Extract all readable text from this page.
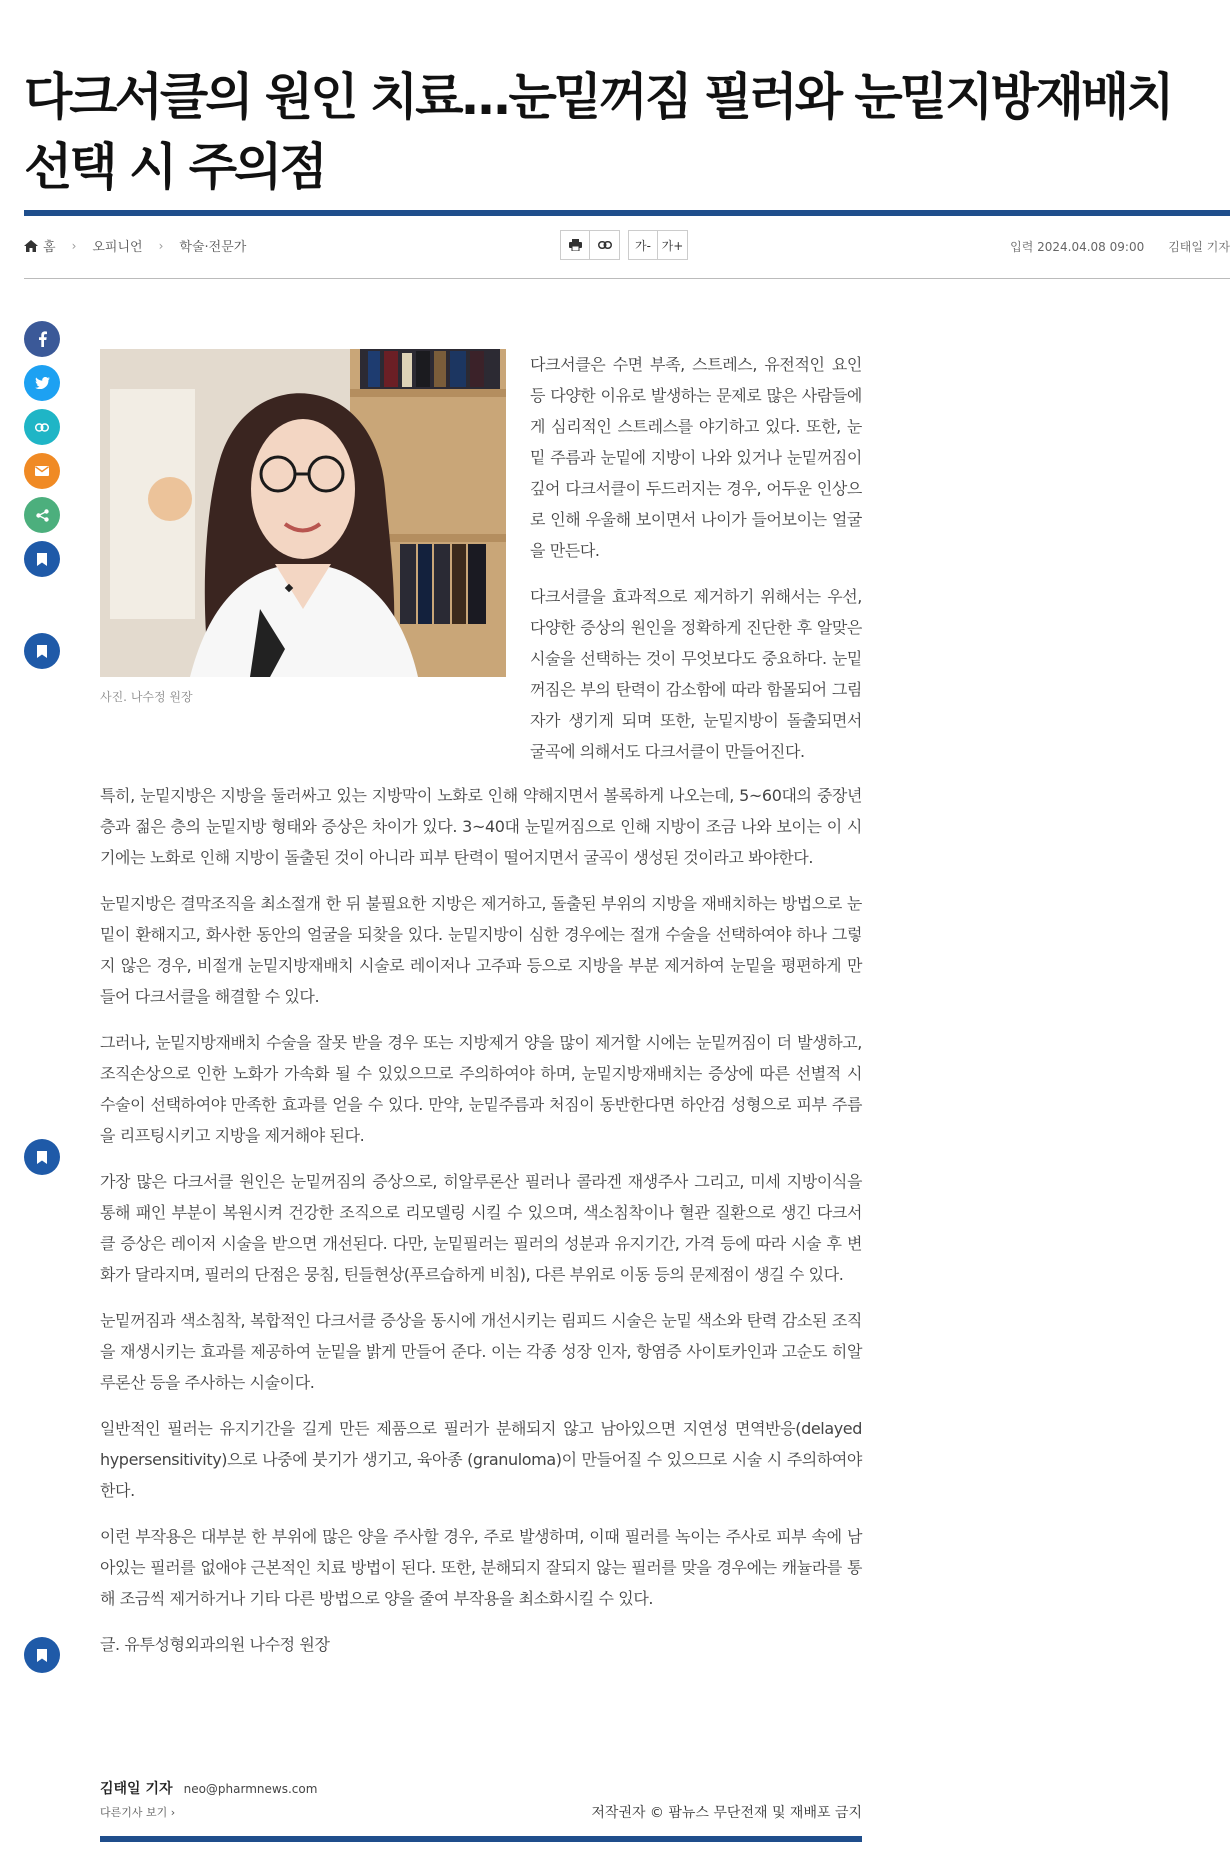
다크서클의 원인 치료...눈밑꺼짐 필러와 눈밑지방재배치 선택 시 주의점
홈 › 오피니언 › 학술·전문가	가- 가+	입력 2024.04.08 09:00 김태일 기자
사진. 나수정 원장

다크서클은 수면 부족, 스트레스, 유전적인 요인 등 다양한 이유로 발생하는 문제로 많은 사람들에게 심리적인 스트레스를 야기하고 있다. 또한, 눈밑 주름과 눈밑에 지방이 나와 있거나 눈밑꺼짐이 깊어 다크서클이 두드러지는 경우, 어두운 인상으로 인해 우울해 보이면서 나이가 들어보이는 얼굴을 만든다.

다크서클을 효과적으로 제거하기 위해서는 우선, 다양한 증상의 원인을 정확하게 진단한 후 알맞은 시술을 선택하는 것이 무엇보다도 중요하다. 눈밑꺼짐은 부의 탄력이 감소함에 따라 함몰되어 그림자가 생기게 되며 또한, 눈밑지방이 돌출되면서 굴곡에 의해서도 다크서클이 만들어진다.

특히, 눈밑지방은 지방을 둘러싸고 있는 지방막이 노화로 인해 약해지면서 볼록하게 나오는데, 5~60대의 중장년층과 젊은 층의 눈밑지방 형태와 증상은 차이가 있다. 3~40대 눈밑꺼짐으로 인해 지방이 조금 나와 보이는 이 시기에는 노화로 인해 지방이 돌출된 것이 아니라 피부 탄력이 떨어지면서 굴곡이 생성된 것이라고 봐야한다.

눈밑지방은 결막조직을 최소절개 한 뒤 불필요한 지방은 제거하고, 돌출된 부위의 지방을 재배치하는 방법으로 눈밑이 환해지고, 화사한 동안의 얼굴을 되찾을 있다. 눈밑지방이 심한 경우에는 절개 수술을 선택하여야 하나 그렇지 않은 경우, 비절개 눈밑지방재배치 시술로 레이저나 고주파 등으로 지방을 부분 제거하여 눈밑을 평편하게 만들어 다크서클을 해결할 수 있다.

그러나, 눈밑지방재배치 수술을 잘못 받을 경우 또는 지방제거 양을 많이 제거할 시에는 눈밑꺼짐이 더 발생하고, 조직손상으로 인한 노화가 가속화 될 수 있있으므로 주의하여야 하며, 눈밑지방재배치는 증상에 따른 선별적 시 수술이 선택하여야 만족한 효과를 얻을 수 있다. 만약, 눈밑주름과 처짐이 동반한다면 하안검 성형으로 피부 주름을 리프팅시키고 지방을 제거해야 된다.

가장 많은 다크서클 원인은 눈밑꺼짐의 증상으로, 히알루론산 필러나 콜라겐 재생주사 그리고, 미세 지방이식을 통해 패인 부분이 복원시켜 건강한 조직으로 리모델링 시킬 수 있으며, 색소침착이나 혈관 질환으로 생긴 다크서클 증상은 레이저 시술을 받으면 개선된다. 다만, 눈밑필러는 필러의 성분과 유지기간, 가격 등에 따라 시술 후 변화가 달라지며, 필러의 단점은 뭉침, 틴들현상(푸르습하게 비침), 다른 부위로 이동 등의 문제점이 생길 수 있다.

눈밑꺼짐과 색소침착, 복합적인 다크서클 증상을 동시에 개선시키는 림피드 시술은 눈밑 색소와 탄력 감소된 조직을 재생시키는 효과를 제공하여 눈밑을 밝게 만들어 준다. 이는 각종 성장 인자, 항염증 사이토카인과 고순도 히알루론산 등을 주사하는 시술이다.

일반적인 필러는 유지기간을 길게 만든 제품으로 필러가 분해되지 않고 남아있으면 지연성 면역반응(delayed hypersensitivity)으로 나중에 붓기가 생기고, 육아종 (granuloma)이 만들어질 수 있으므로 시술 시 주의하여야 한다.

이런 부작용은 대부분 한 부위에 많은 양을 주사할 경우, 주로 발생하며, 이때 필러를 녹이는 주사로 피부 속에 남아있는 필러를 없애야 근본적인 치료 방법이 된다. 또한, 분해되지 잘되지 않는 필러를 맞을 경우에는 캐뉼라를 통해 조금씩 제거하거나 기타 다른 방법으로 양을 줄여 부작용을 최소화시킬 수 있다.

글. 유투성형외과의원 나수정 원장

김태일 기자 neo@pharmnews.com
다른기사 보기 ›	저작권자 © 팜뉴스 무단전재 및 재배포 금지
